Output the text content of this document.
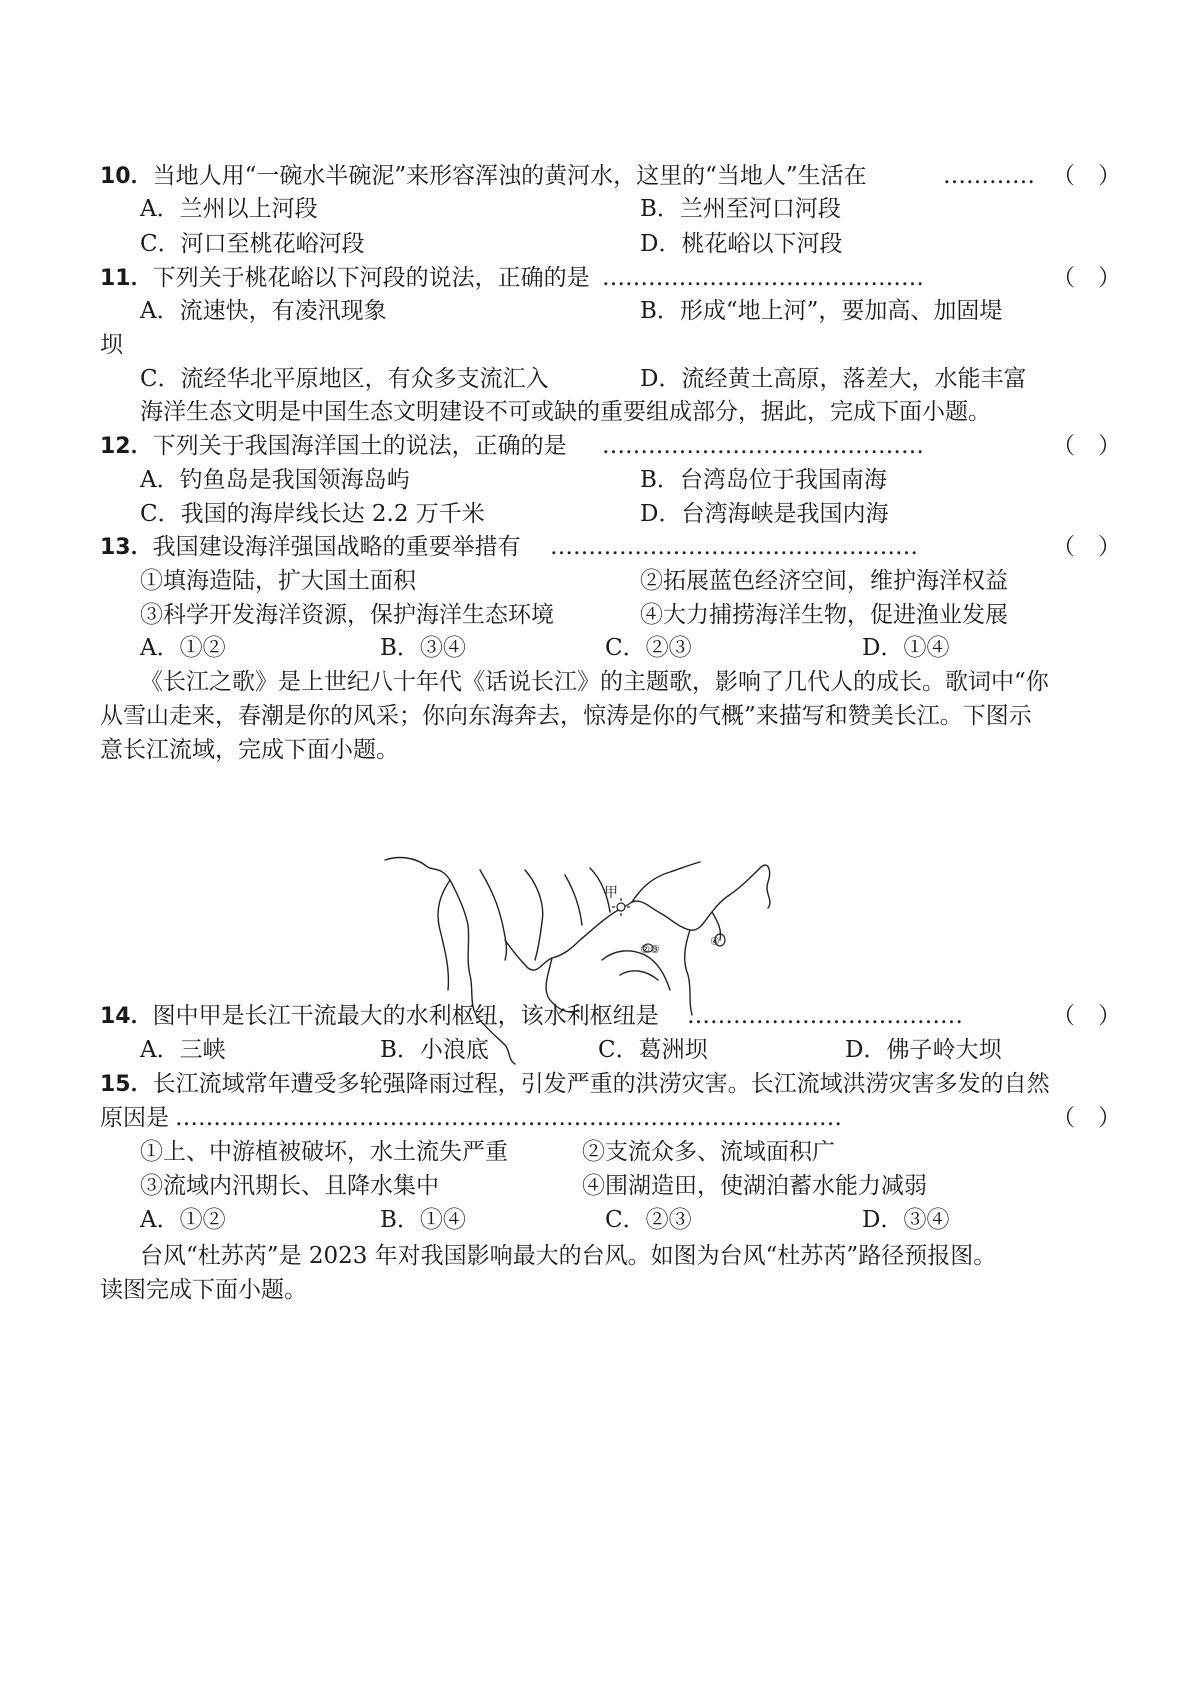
10．当地人用“一碗水半碗泥”来形容浑浊的黄河水，这里的“当地人”生活在	………… （　）
A．兰州以上河段	B．兰州至河口河段
C．河口至桃花峪河段	D．桃花峪以下河段
11．下列关于桃花峪以下河段的说法，正确的是 ……………………………………	（　）
A．流速快，有凌汛现象	B．形成“地上河”，要加高、加固堤
坝
C．流经华北平原地区，有众多支流汇入	D．流经黄土高原，落差大，水能丰富
海洋生态文明是中国生态文明建设不可或缺的重要组成部分，据此，完成下面小题。
12．下列关于我国海洋国土的说法，正确的是 ……………………………………	（　）
A．钓鱼岛是我国领海岛屿	B．台湾岛位于我国南海
C．我国的海岸线长达 2.2 万千米	D．台湾海峡是我国内海
13．我国建设海洋强国战略的重要举措有 …………………………………………	（　）
①填海造陆，扩大国土面积	②拓展蓝色经济空间，维护海洋权益
③科学开发海洋资源，保护海洋生态环境	④大力捕捞海洋生物，促进渔业发展
A．①②	B．③④	C．②③	D．①④
《长江之歌》是上世纪八十年代《话说长江》的主题歌，影响了几代人的成长。歌词中“你
从雪山走来，春潮是你的风采；你向东海奔去，惊涛是你的气概”来描写和赞美长江。下图示
意长江流域，完成下面小题。
甲
②③
④
14．图中甲是长江干流最大的水利枢纽，该水利枢纽是 ………………………………	（　）
A．三峡	B．小浪底	C．葛洲坝	D．佛子岭大坝
15．长江流域常年遭受多轮强降雨过程，引发严重的洪涝灾害。长江流域洪涝灾害多发的自然
原因是 ……………………………………………………………………………	（　）
①上、中游植被破坏，水土流失严重	②支流众多、流域面积广
③流域内汛期长、且降水集中	④围湖造田，使湖泊蓄水能力减弱
A．①②	B．①④	C．②③	D．③④
台风“杜苏芮”是 2023 年对我国影响最大的台风。如图为台风“杜苏芮”路径预报图。
读图完成下面小题。
